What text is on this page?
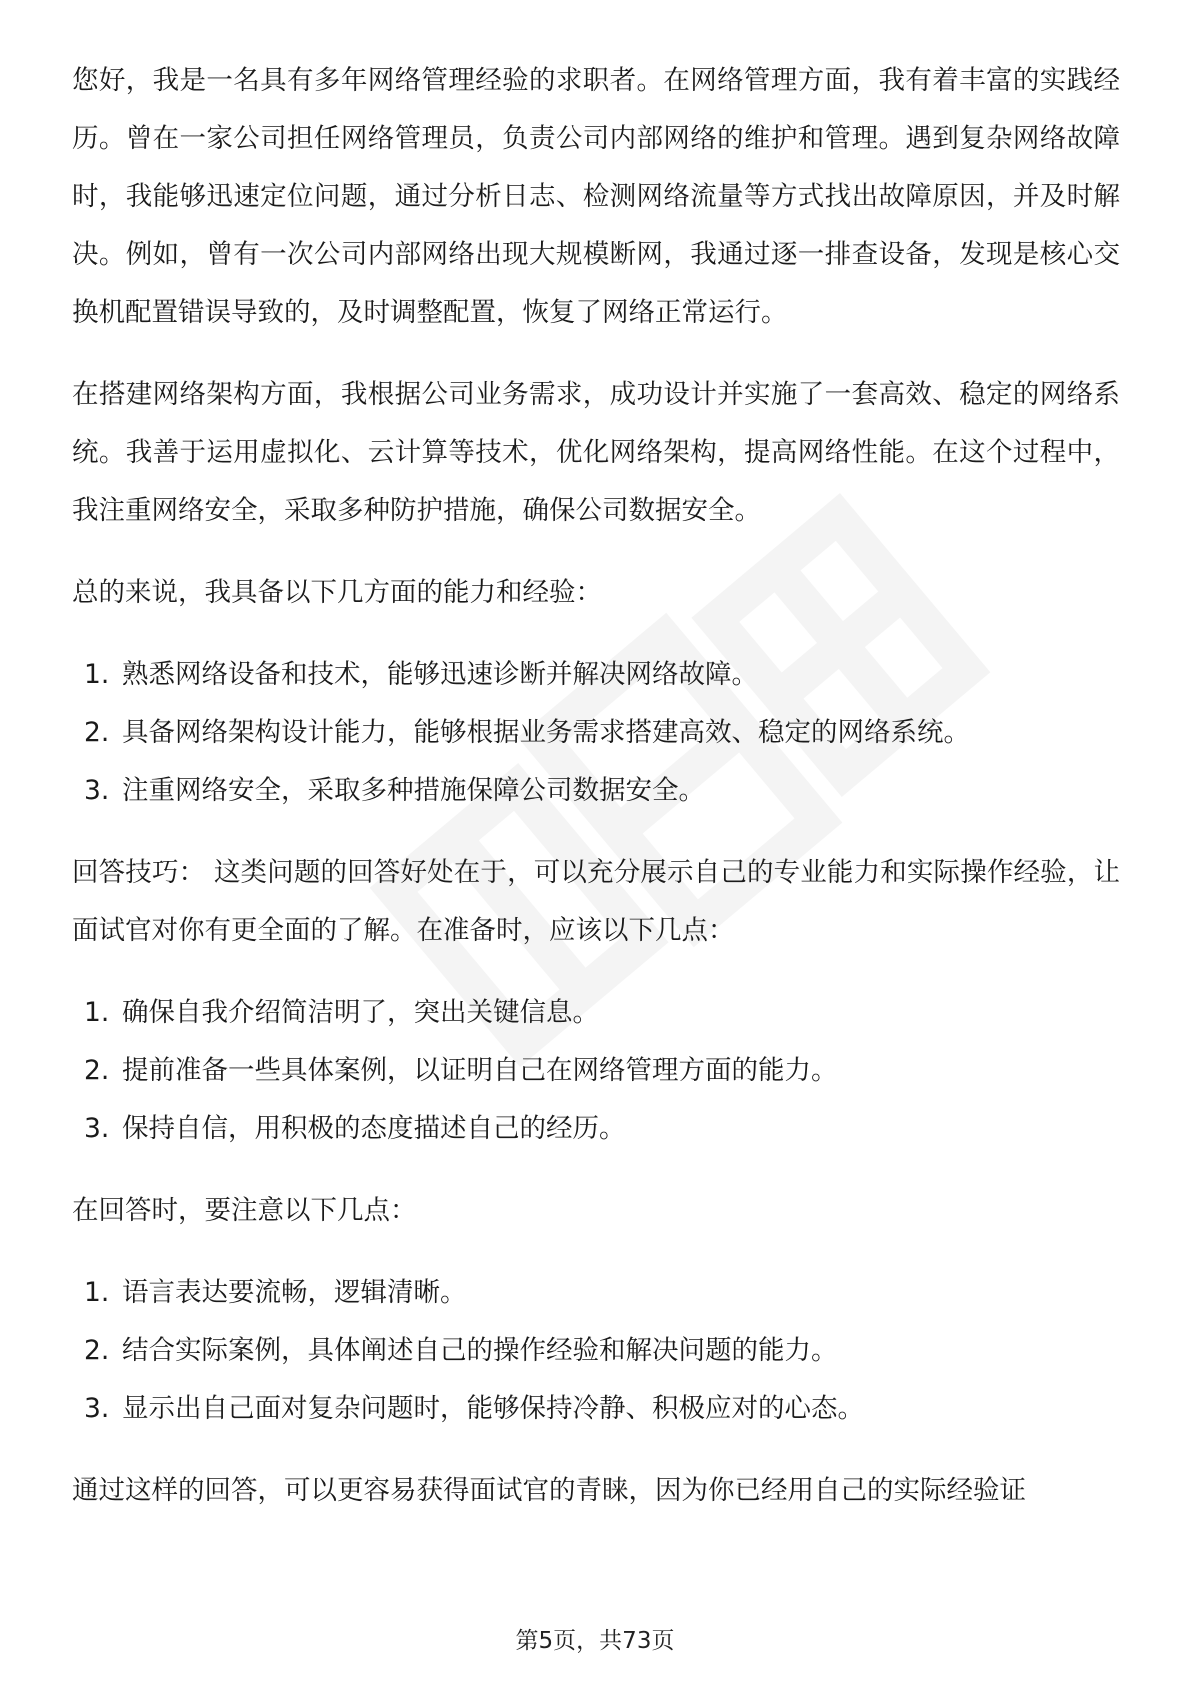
您好，我是一名具有多年网络管理经验的求职者。在网络管理方面，我有着丰富的实践经历。曾在一家公司担任网络管理员，负责公司内部网络的维护和管理。遇到复杂网络故障时，我能够迅速定位问题，通过分析日志、检测网络流量等方式找出故障原因，并及时解决。例如，曾有一次公司内部网络出现大规模断网，我通过逐一排查设备，发现是核心交换机配置错误导致的，及时调整配置，恢复了网络正常运行。

在搭建网络架构方面，我根据公司业务需求，成功设计并实施了一套高效、稳定的网络系统。我善于运用虚拟化、云计算等技术，优化网络架构，提高网络性能。在这个过程中，我注重网络安全，采取多种防护措施，确保公司数据安全。

总的来说，我具备以下几方面的能力和经验：

1. 熟悉网络设备和技术，能够迅速诊断并解决网络故障。
2. 具备网络架构设计能力，能够根据业务需求搭建高效、稳定的网络系统。
3. 注重网络安全，采取多种措施保障公司数据安全。

回答技巧： 这类问题的回答好处在于，可以充分展示自己的专业能力和实际操作经验，让面试官对你有更全面的了解。在准备时，应该以下几点：

1. 确保自我介绍简洁明了，突出关键信息。
2. 提前准备一些具体案例，以证明自己在网络管理方面的能力。
3. 保持自信，用积极的态度描述自己的经历。

在回答时，要注意以下几点：

1. 语言表达要流畅，逻辑清晰。
2. 结合实际案例，具体阐述自己的操作经验和解决问题的能力。
3. 显示出自己面对复杂问题时，能够保持冷静、积极应对的心态。

通过这样的回答，可以更容易获得面试官的青睐，因为你已经用自己的实际经验证

第5页，共73页
